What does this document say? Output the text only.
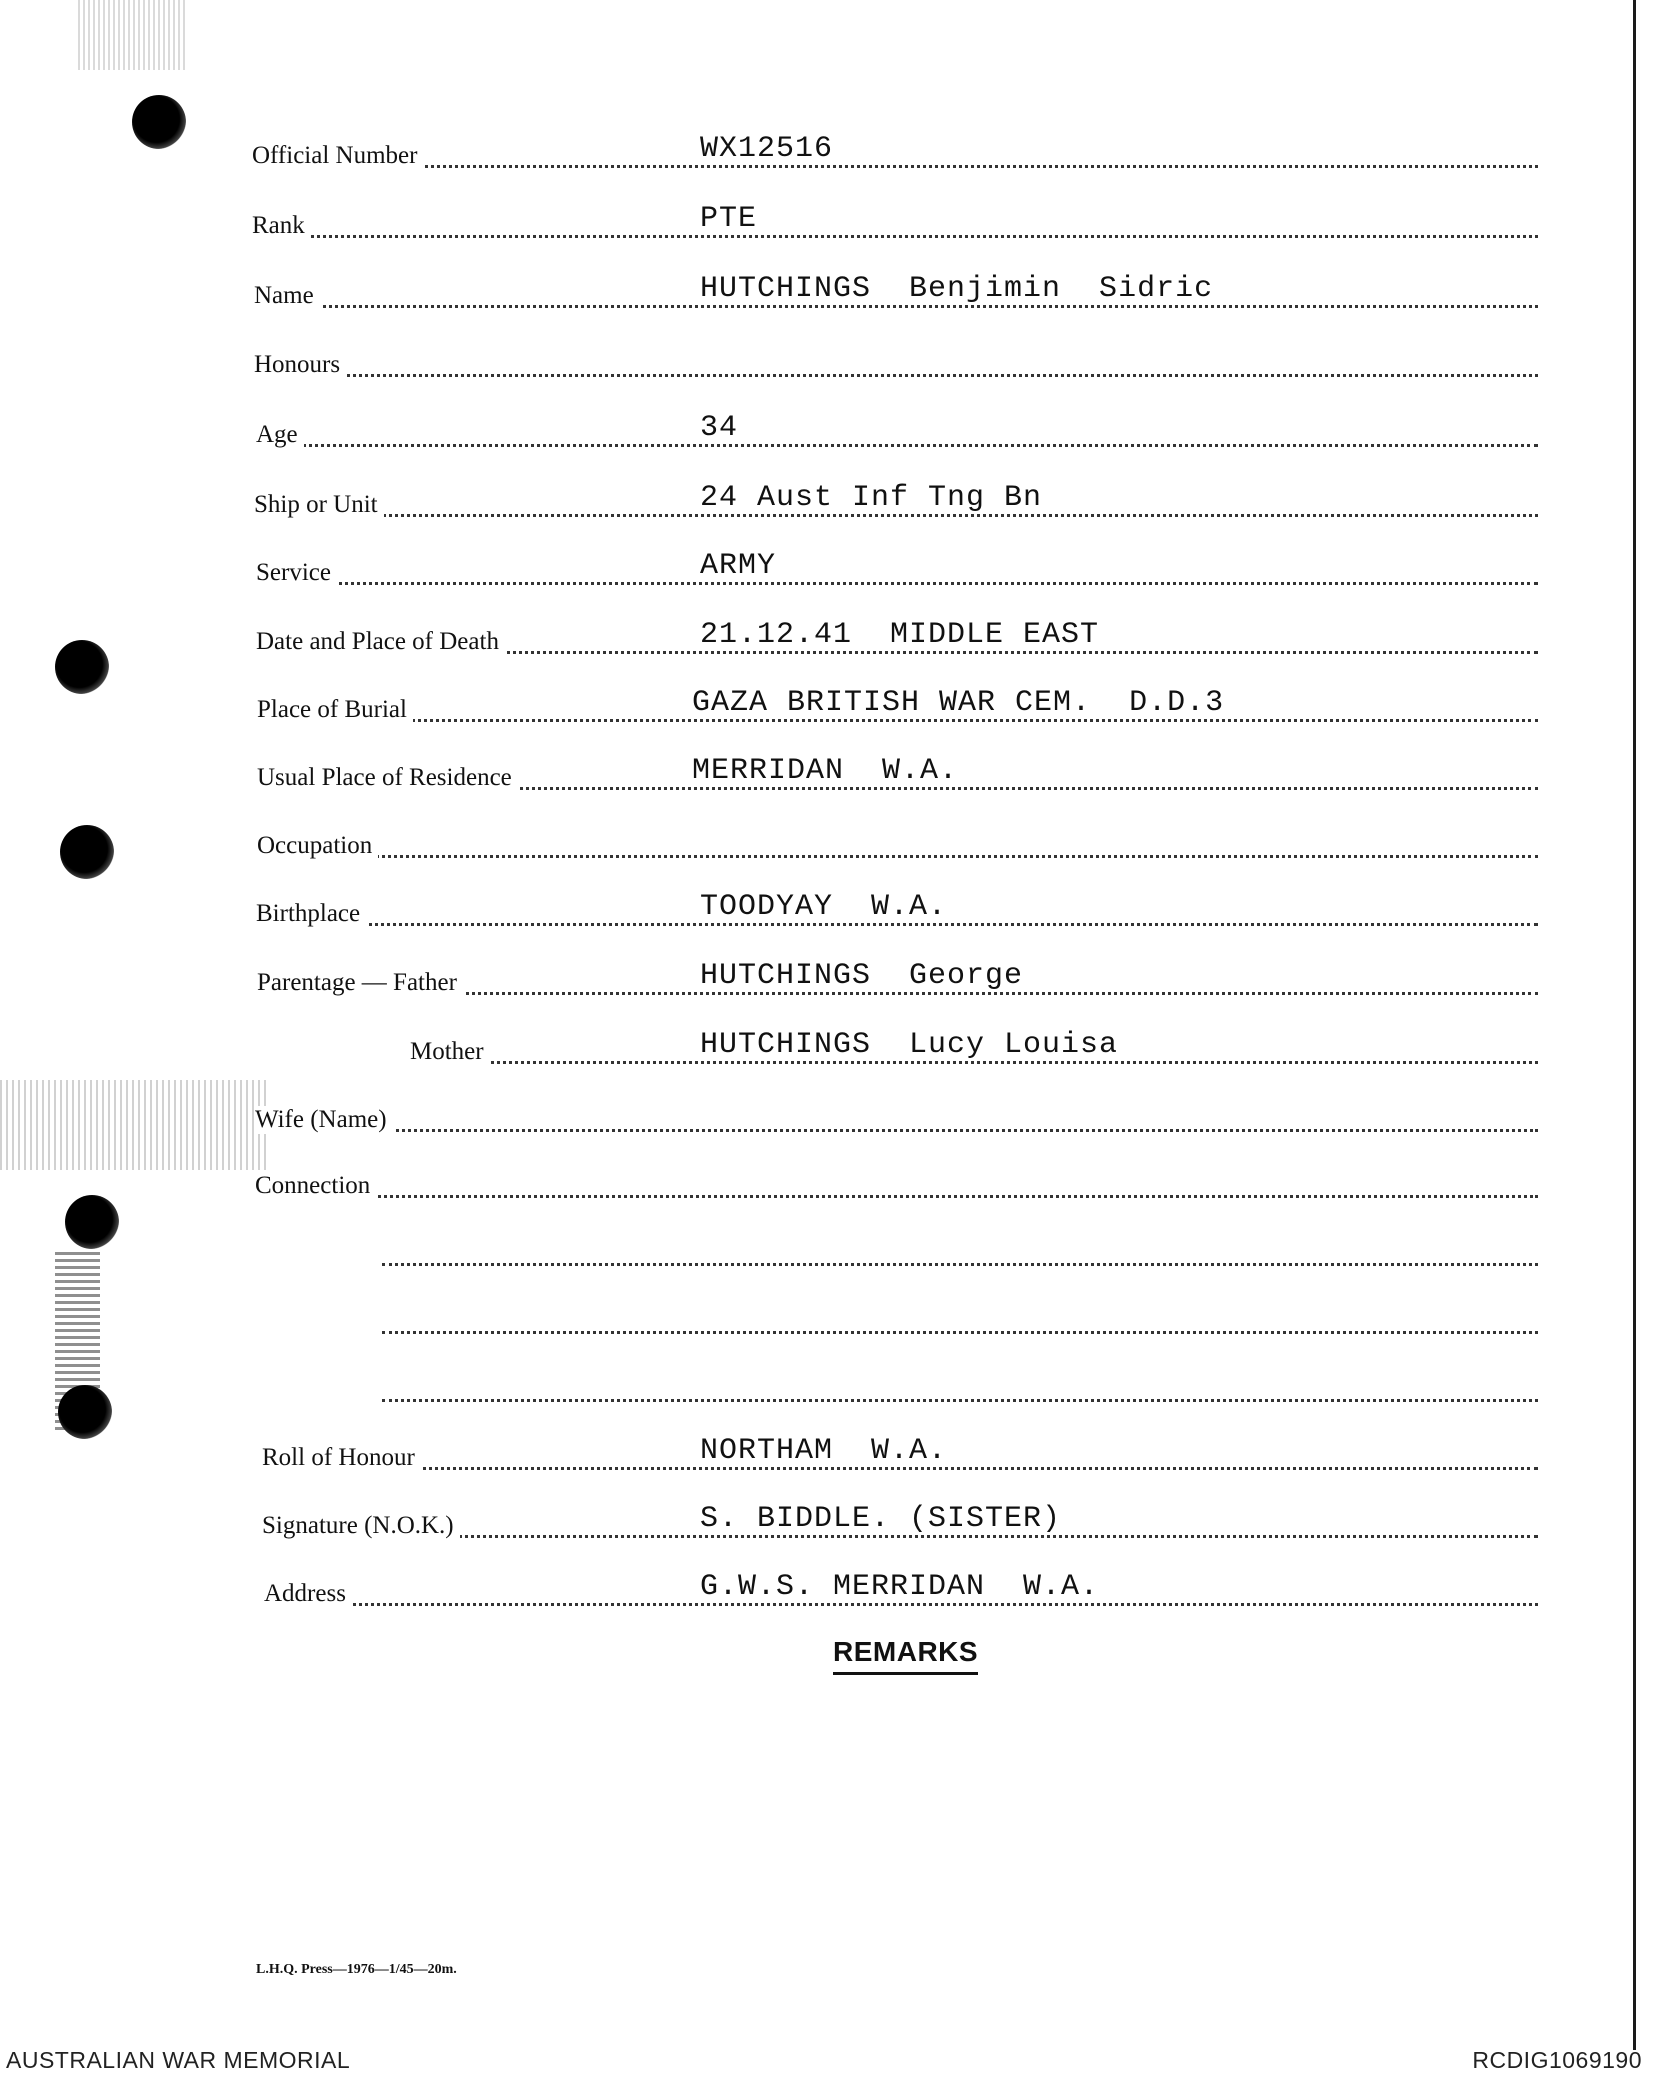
Official Number	WX12516
Rank	PTE
Name	HUTCHINGS  Benjimin  Sidric
Honours
Age	34
Ship or Unit	24 Aust Inf Tng Bn
Service	ARMY
Date and Place of Death	21.12.41  MIDDLE EAST
Place of Burial	GAZA BRITISH WAR CEM.  D.D.3
Usual Place of Residence	MERRIDAN  W.A.
Occupation
Birthplace	TOODYAY  W.A.
Parentage — Father	HUTCHINGS  George
Mother	HUTCHINGS  Lucy Louisa
Wife (Name)
Connection
Roll of Honour	NORTHAM  W.A.
Signature (N.O.K.)	S. BIDDLE. (SISTER)
Address	G.W.S. MERRIDAN  W.A.
REMARKS
L.H.Q. Press—1976—1/45—20m.
AUSTRALIAN WAR MEMORIAL	RCDIG1069190
